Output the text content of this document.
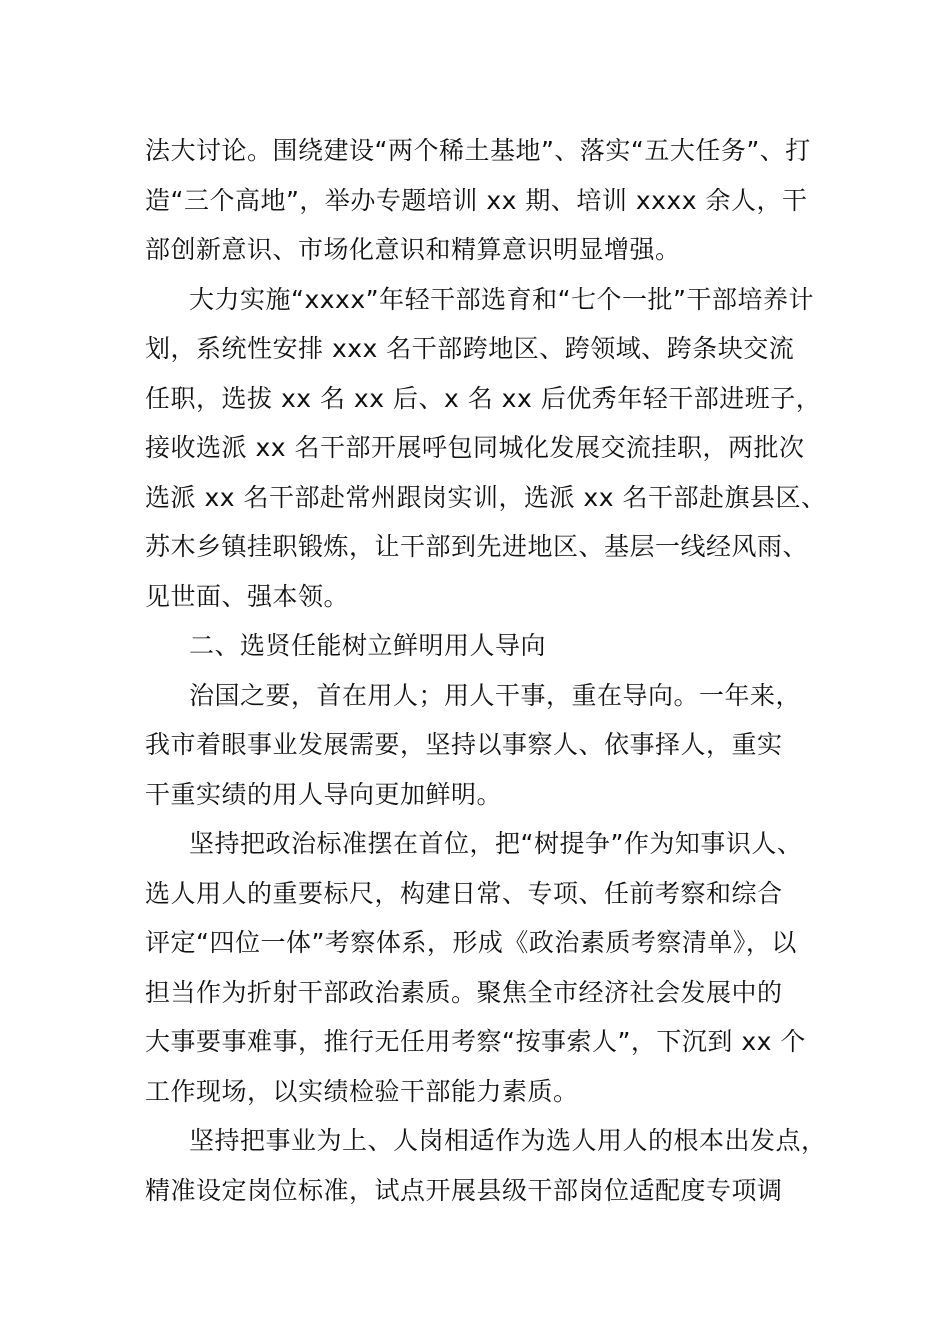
法大讨论。围绕建设“两个稀土基地”、落实“五大任务”、打
造“三个高地”，举办专题培训 xx 期、培训 xxxx 余人，干
部创新意识、市场化意识和精算意识明显增强。
大力实施“xxxx”年轻干部选育和“七个一批”干部培养计
划，系统性安排 xxx 名干部跨地区、跨领域、跨条块交流
任职，选拔 xx 名 xx 后、x 名 xx 后优秀年轻干部进班子，
接收选派 xx 名干部开展呼包同城化发展交流挂职，两批次
选派 xx 名干部赴常州跟岗实训，选派 xx 名干部赴旗县区、
苏木乡镇挂职锻炼，让干部到先进地区、基层一线经风雨、
见世面、强本领。
二、选贤任能树立鲜明用人导向
治国之要，首在用人；用人干事，重在导向。一年来，
我市着眼事业发展需要，坚持以事察人、依事择人，重实
干重实绩的用人导向更加鲜明。
坚持把政治标准摆在首位，把“树提争”作为知事识人、
选人用人的重要标尺，构建日常、专项、任前考察和综合
评定“四位一体”考察体系，形成《政治素质考察清单》，以
担当作为折射干部政治素质。聚焦全市经济社会发展中的
大事要事难事，推行无任用考察“按事索人”，下沉到 xx 个
工作现场，以实绩检验干部能力素质。
坚持把事业为上、人岗相适作为选人用人的根本出发点，
精准设定岗位标准，试点开展县级干部岗位适配度专项调
